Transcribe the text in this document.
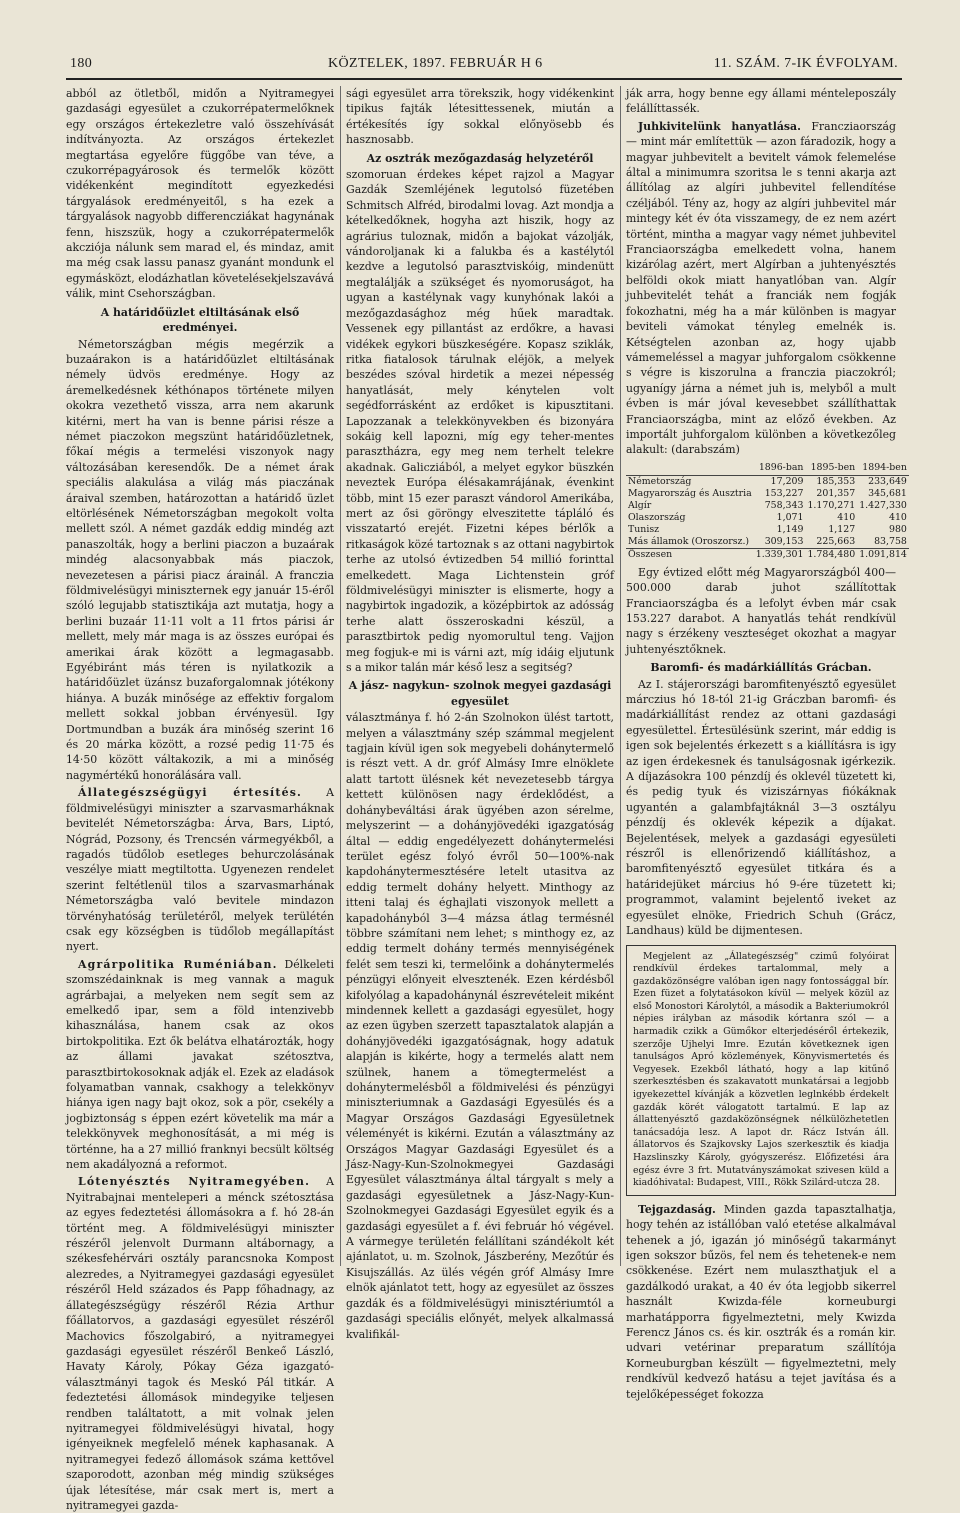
180	KÖZTELEK, 1897. FEBRUÁR H 6	11. SZÁM. 7-IK ÉVFOLYAM.

abból az ötletből, midőn a Nyitramegyei gazdasági egyesület a czukorrépatermelőknek egy országos értekezletre való összehívását indítványozta. Az országos értekezlet megtartása egyelőre függőbe van téve, a czukorrépagyárosok és termelők között vidékenként megindított egyezkedési tárgyalások eredményeitől, s ha ezek a tárgyalások nagyobb differencziákat hagynának fenn, hiszszük, hogy a czukorrépatermelők akcziója nálunk sem marad el, és mindaz, amit ma még csak lassu panasz gyanánt mondunk el egymásközt, elodázhatlan követelésekjelszavává válik, mint Csehországban.

A határidőüzlet eltiltásának első eredményei.

Németországban mégis megérzik a buzaárakon is a határidőüzlet eltiltásának némely üdvös eredménye. Hogy az áremelkedésnek kéthónapos története milyen okokra vezethető vissza, arra nem akarunk kitérni, mert ha van is benne párisi része a német piaczokon megszünt határidőüzletnek, főkaí mégis a termelési viszonyok nagy változásában keresendők. De a német árak speciális alakulása a világ más piaczának áraival szemben, határozottan a határidő üzlet eltörlésének Németországban megokolt volta mellett szól. A német gazdák eddig mindég azt panaszolták, hogy a berlini piaczon a buzaárak mindég alacsonyabbak más piaczok, nevezetesen a párisi piacz árainál. A franczia földmivelésügyi miniszternek egy január 15-éről szóló legujabb statisztikája azt mutatja, hogy a berlini buzaár 11·11 volt a 11 frtos párisi ár mellett, mely már maga is az összes európai és amerikai árak között a legmagasabb. Egyébiránt más téren is nyilatkozik a határidőüzlet üzánsz buzaforgalomnak jótékony hiánya. A buzák minősége az effektiv forgalom mellett sokkal jobban érvényesül. Igy Dortmundban a buzák ára minőség szerint 16 és 20 márka között, a rozsé pedig 11·75 és 14·50 között váltakozik, a mi a minőség nagymértékű honorálására vall.

Állategészségügyi értesítés. A földmivelésügyi miniszter a szarvasmarháknak bevitelét Németországba: Árva, Bars, Liptó, Nógrád, Pozsony, és Trencsén vármegyékből, a ragadós tüdőlob esetleges behurczolásának veszélye miatt megtiltotta. Ugyenezen rendelet szerint feltétlenül tilos a szarvasmarhának Németországba való bevitele mindazon törvényhatóság területéről, melyek terülétén csak egy községben is tüdőlob megállapítást nyert.

Agrárpolitika Ruméniában. Délkeleti szomszédainknak is meg vannak a maguk agrárbajai, a melyeken nem segít sem az emelkedő ipar, sem a föld intenzivebb kihasználása, hanem csak az okos birtokpolitika. Ezt ők belátva elhatározták, hogy az állami javakat szétosztva, parasztbirtokosoknak adják el. Ezek az eladások folyamatban vannak, csakhogy a telekkönyv hiánya igen nagy bajt okoz, sok a pör, csekély a jogbiztonság s éppen ezért követelik ma már a telekkönyvek meghonosítását, a mi még is történne, ha a 27 millió franknyi becsült költség nem akadályozná a reformot.

Lótenyésztés Nyitramegyében. A Nyitrabajnai menteleperi a ménck szétosztása az egyes fedeztetési állomásokra a f. hó 28-án történt meg. A földmivelésügyi miniszter részéről jelenvolt Durmann altábornagy, a székesfehérvári osztály parancsnoka Kompost alezredes, a Nyitramegyei gazdasági egyesület részéről Held százados és Papp főhadnagy, az állategészségügy részéről Rézia Arthur főállatorvos, a gazdasági egyesület részéről Machovics főszolgabiró, a nyitramegyei gazdasági egyesület részéről Benkeő László, Havaty Károly, Pókay Géza igazgató-választmányi tagok és Meskó Pál titkár. A fedeztetési állomások mindegyike teljesen rendben találtatott, a mit volnak jelen nyitramegyei földmivelésügyi hivatal, hogy igényeiknek megfelelő mének kaphasanak. A nyitramegyei fedező állomások száma kettővel szaporodott, azonban még mindig szükséges újak létesítése, már csak mert is, mert a nyitramegyei gazda-

sági egyesület arra törekszik, hogy vidékenkint tipikus fajták létesittessenek, miután a értékesítés így sokkal előnyösebb és hasznosabb.

Az osztrák mezőgazdaság helyzetéről

szomoruan érdekes képet rajzol a Magyar Gazdák Szemléjének legutolsó füzetében Schmitsch Alfréd, birodalmi lovag. Azt mondja a kételkedőknek, hogyha azt hiszik, hogy az agrárius tuloznak, midőn a bajokat vázolják, vándoroljanak ki a falukba és a kastélytól kezdve a legutolsó parasztviskóig, mindenütt megtalálják a szükséget és nyomoruságot, ha ugyan a kastélynak vagy kunyhónak lakói a mezőgazdasághoz még hűek maradtak. Vessenek egy pillantást az erdőkre, a havasi vidékek egykori büszkeségére. Kopasz sziklák, ritka fiatalosok tárulnak eléjök, a melyek beszédes szóval hirdetik a mezei népesség hanyatlását, mely kénytelen volt segédforrásként az erdőket is kipusztitani. Lapozzanak a telekkönyvekben és bizonyára sokáig kell lapozni, míg egy teher-mentes parasztházra, egy meg nem terhelt telekre akadnak. Galicziából, a melyet egykor büszkén neveztek Európa élésakamrájának, évenkint több, mint 15 ezer paraszt vándorol Amerikába, mert az ősi göröngy elveszitette tápláló és visszatartó erejét. Fizetni képes bérlők a ritkaságok közé tartoznak s az ottani nagybirtok terhe az utolsó évtizedben 54 millió forinttal emelkedett. Maga Lichtenstein gróf földmivelésügyi miniszter is elismerte, hogy a nagybirtok ingadozik, a középbirtok az adósság terhe alatt összeroskadni készül, a parasztbirtok pedig nyomorultul teng. Vajjon meg fogjuk-e mi is várni azt, míg idáig eljutunk s a mikor talán már késő lesz a segitség?

A jász- nagykun- szolnok megyei gazdasági egyesület

választmánya f. hó 2-án Szolnokon ülést tartott, melyen a választmány szép számmal megjelent tagjain kívül igen sok megyebeli dohánytermelő is részt vett. A dr. gróf Almásy Imre elnöklete alatt tartott ülésnek két nevezetesebb tárgya kettett különösen nagy érdeklődést, a dohánybeváltási árak ügyében azon sérelme, melyszerint — a dohányjövedéki igazgatóság által — eddig engedélyezett dohánytermelési terület egész folyó évről 50—100%-nak kapdohánytermesztésére letelt utasitva az eddig termelt dohány helyett. Minthogy az itteni talaj és éghajlati viszonyok mellett a kapadohányból 3—4 mázsa átlag termésnél többre számítani nem lehet; s minthogy ez, az eddig termelt dohány termés mennyiségének felét sem teszi ki, termelőink a dohánytermelés pénzügyi előnyeit elvesztenék. Ezen kérdésből kifolyólag a kapadohánynál észrevételeit miként mindennek kellett a gazdasági egyesület, hogy az ezen ügyben szerzett tapasztalatok alapján a dohányjövedéki igazgatóságnak, hogy adatuk alapján is kikérte, hogy a termelés alatt nem szülnek, hanem a tömegtermelést a dohánytermelésből a földmivelési és pénzügyi miniszteriumnak a Gazdasági Egyesülés és a Magyar Országos Gazdasági Egyesületnek véleményét is kikérni. Ezután a választmány az Országos Magyar Gazdasági Egyesület és a Jász-Nagy-Kun-Szolnokmegyei Gazdasági Egyesület választmánya által tárgyalt s mely a gazdasági egyesületnek a Jász-Nagy-Kun-Szolnokmegyei Gazdasági Egyesület egyik és a gazdasági egyesület a f. évi február hó végével. A vármegye területén felállítani szándékolt két ajánlatot, u. m. Szolnok, Jászberény, Mezőtúr és Kisujszállás. Az ülés végén gróf Almásy Imre elnök ajánlatot tett, hogy az egyesület az összes gazdák és a földmivelésügyi minisztériumtól a gazdasági speciális előnyét, melyek alkalmassá kvalifikál-

ják arra, hogy benne egy állami ménteleposzály felállíttassék.

Juhkivitelünk hanyatlása. Francziaország — mint már említettük — azon fáradozik, hogy a magyar juhbevitelt a bevitelt vámok felemelése által a minimumra szoritsa le s tenni akarja azt állítólag az algíri juhbevitel fellendítése czéljából. Tény az, hogy az algíri juhbevitel már mintegy két év óta visszamegy, de ez nem azért történt, mintha a magyar vagy német juhbevitel Franciaországba emelkedett volna, hanem kizárólag azért, mert Algírban a juhtenyésztés belföldi okok miatt hanyatlóban van. Algír juhbevitelét tehát a franciák nem fogják fokozhatni, még ha a már különben is magyar beviteli vámokat tényleg emelnék is. Kétségtelen azonban az, hogy ujabb vámemeléssel a magyar juhforgalom csökkenne s végre is kiszorulna a franczia piaczokról; ugyanígy járna a német juh is, melyből a mult évben is már jóval kevesebbet szállíthattak Franciaországba, mint az előző években. Az importált juhforgalom különben a következőleg alakult: (darabszám)

	1896-ban	1895-ben	1894-ben
Németország	17,209	185,353	233,649
Magyarország és Ausztria	153,227	201,357	345,681
Algír	758,343	1.170,271	1.427,330
Olaszország	1,071	410	410
Tunisz	1,149	1,127	980
Más államok (Oroszorsz.)	309,153	225,663	83,758
Összesen	1.339,301	1.784,480	1.091,814

Egy évtized előtt még Magyarországból 400—500.000 darab juhot szállítottak Franciaországba és a lefolyt évben már csak 153.227 darabot. A hanyatlás tehát rendkívül nagy s érzékeny veszteséget okozhat a magyar juhtenyésztőknek.

Baromfi- és madárkiállítás Grácban.

Az I. stájerországi baromfitenyésztő egyesület márczius hó 18-tól 21-ig Gráczban baromfi- és madárkiállítást rendez az ottani gazdasági egyesülettel. Értesülésünk szerint, már eddig is igen sok bejelentés érkezett s a kiállításra is igy az igen érdekesnek és tanulságosnak igérkezik. A díjazásokra 100 pénzdíj és oklevél tüzetett ki, és pedig tyuk és viziszárnyas fiókáknak ugyantén a galambfajtáknál 3—3 osztályu pénzdíj és oklevék képezik a díjakat. Bejelentések, melyek a gazdasági egyesületi részről is ellenőrizendő kiállításhoz, a baromfitenyésztő egyesület titkára és a határidejüket március hó 9-ére tüzetett ki; programmot, valamint bejelentő iveket az egyesület elnöke, Friedrich Schuh (Grácz, Landhaus) küld be dijmentesen.

Megjelent az „Állategészség" czimű folyóirat rendkívül érdekes tartalommal, mely a gazdaközönségre valóban igen nagy fontossággal bír. Ezen füzet a folytatásokon kívül — melyek közül az első Monostori Károlytól, a második a Bakteriumokról népies irályban az második kórtanra szól — a harmadik czikk a Gümőkor elterjedéséről értekezik, szerzője Ujhelyi Imre. Ezután következnek igen tanulságos Apró közlemények, Könyvismertetés és Vegyesek. Ezekből látható, hogy a lap kitűnő szerkesztésben és szakavatott munkatársai a legjobb igyekezettel kívánják a közvetlen leglnkébb érdekelt gazdák körét válogatott tartalmú. E lap az állattenyésztő gazdaközönségnek nélkülözhetetlen tanácsadója lesz. A lapot dr. Rácz István áll. állatorvos és Szajkovsky Lajos szerkesztik és kiadja Hazslinszky Károly, gyógyszerész. Előfizetési ára egész évre 3 frt. Mutatványszámokat szivesen küld a kiadóhivatal: Budapest, VIII., Rökk Szilárd-utcza 28.

Tejgazdaság. Minden gazda tapasztalhatja, hogy tehén az istállóban való etetése alkalmával tehenek a jó, igazán jó minőségű takarmányt igen sokszor bűzös, fel nem és tehetenek-e nem csökkenése. Ezért nem mulaszthatjuk el a gazdálkodó urakat, a 40 év óta legjobb sikerrel használt Kwizda-féle korneuburgi marhatápporra figyelmeztetni, mely Kwizda Ferencz János cs. és kir. osztrák és a román kir. udvari vetérinar preparatum szállítója Korneuburgban készült — figyelmeztetni, mely rendkívül kedvező hatásu a tejet javítása és a tejelőképességet fokozza
